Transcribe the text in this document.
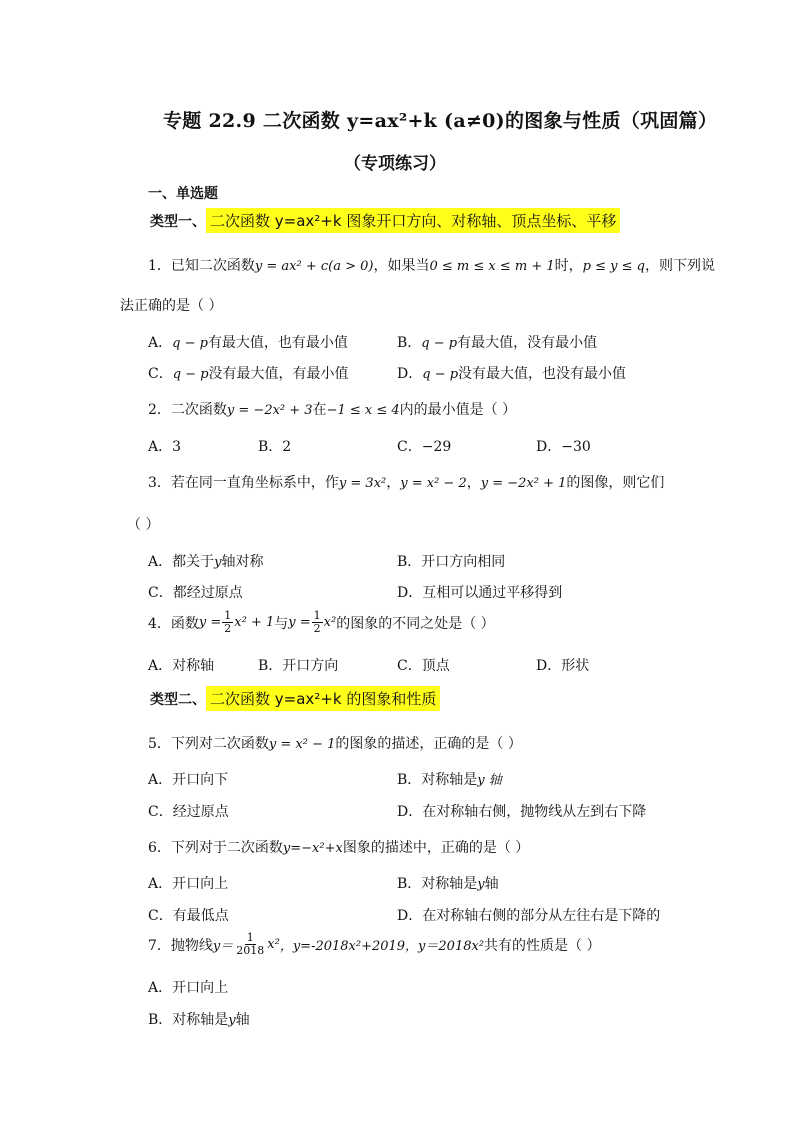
专题 22.9 二次函数 y=ax²+k (a≠0)的图象与性质（巩固篇）
（专项练习）
一、单选题
类型一、 二次函数 y=ax²+k 图象开口方向、对称轴、顶点坐标、平移
1．已知二次函数y = ax² + c(a > 0)，如果当0 ≤ m ≤ x ≤ m + 1时，p ≤ y ≤ q，则下列说
法正确的是（ ）
A．q − p有最大值，也有最小值	B．q − p有最大值，没有最小值
C．q − p没有最大值，有最小值	D．q − p没有最大值，也没有最小值
2．二次函数y = −2x² + 3在−1 ≤ x ≤ 4内的最小值是（ ）
A．3	B．2	C．−29	D．−30
3．若在同一直角坐标系中，作y = 3x²，y = x² − 2，y = −2x² + 1的图像，则它们
（ ）
A．都关于y轴对称	B．开口方向相同
C．都经过原点	D．互相可以通过平移得到
4．函数 $y = \frac{1}{2} x^2 + 1$ 与 $y = \frac{1}{2} x^2$ 的图象的不同之处是（ ）
A．对称轴	B．开口方向	C．顶点	D．形状
类型二、 二次函数 y=ax²+k 的图象和性质
5．下列对二次函数y = x² − 1的图象的描述，正确的是（ ）
A．开口向下	B．对称轴是y 轴
C．经过原点	D．在对称轴右侧，抛物线从左到右下降
6．下列对于二次函数y=−x²+x图象的描述中，正确的是（ ）
A．开口向上	B．对称轴是y轴
C．有最低点	D．在对称轴右侧的部分从左往右是下降的
7．抛物线 $y= \frac{1}{2018} x^2$ ，y=-2018x²+2019，y＝2018x² 共有的性质是（ ）
A．开口向上
B．对称轴是y轴
